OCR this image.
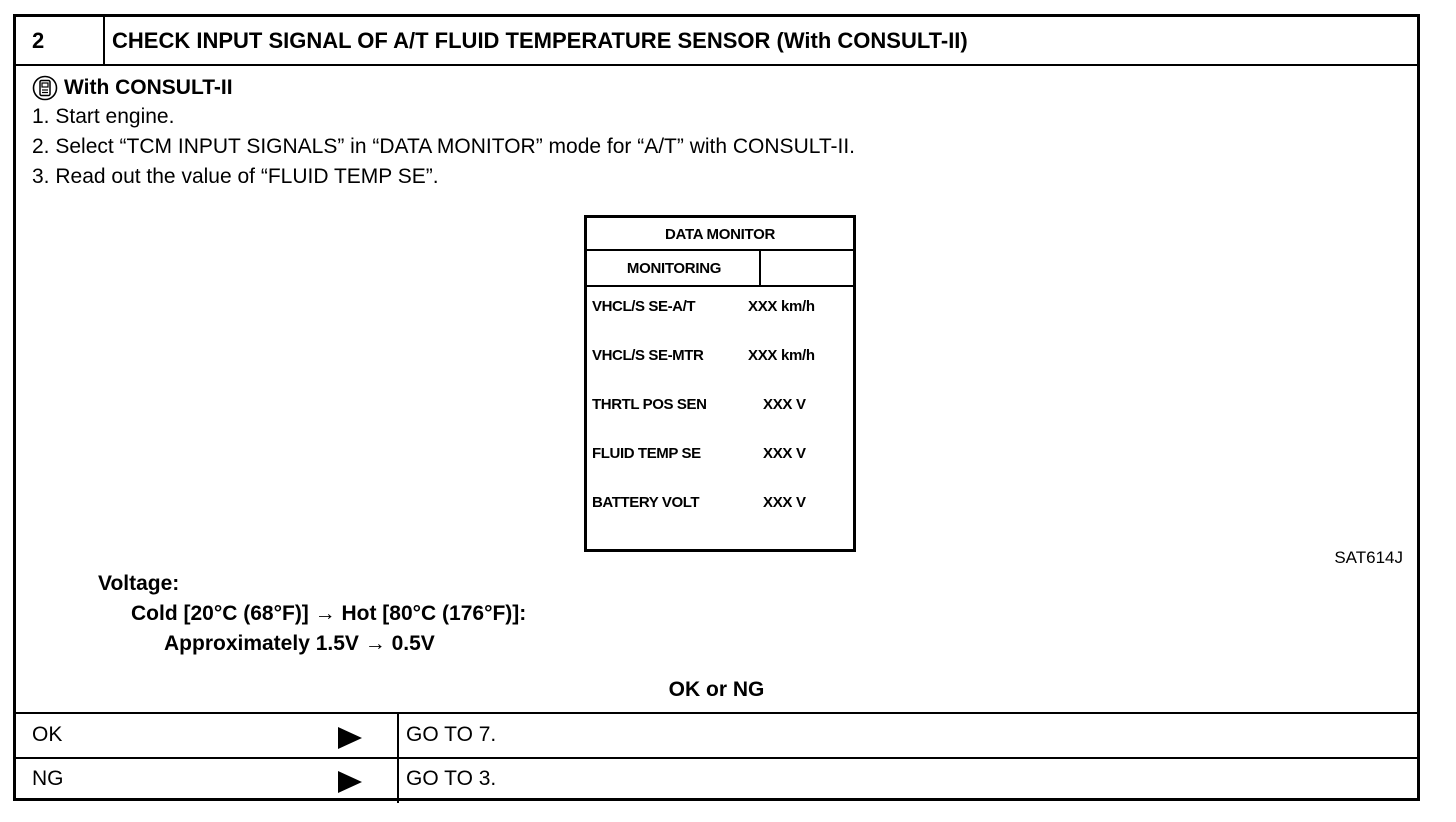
2	CHECK INPUT SIGNAL OF A/T FLUID TEMPERATURE SENSOR (With CONSULT-II)
With CONSULT-II
1. Start engine.
2. Select “TCM INPUT SIGNALS” in “DATA MONITOR” mode for “A/T” with CONSULT-II.
3. Read out the value of “FLUID TEMP SE”.
DATA MONITOR
MONITORING
VHCL/S SE-A/T	XXX km/h
VHCL/S SE-MTR	XXX km/h
THRTL POS SEN	XXX V
FLUID TEMP SE	XXX V
BATTERY VOLT	XXX V
SAT614J
Voltage:
Cold [20°C (68°F)] → Hot [80°C (176°F)]:
Approximately 1.5V → 0.5V
OK or NG
OK	GO TO 7.
NG	GO TO 3.
